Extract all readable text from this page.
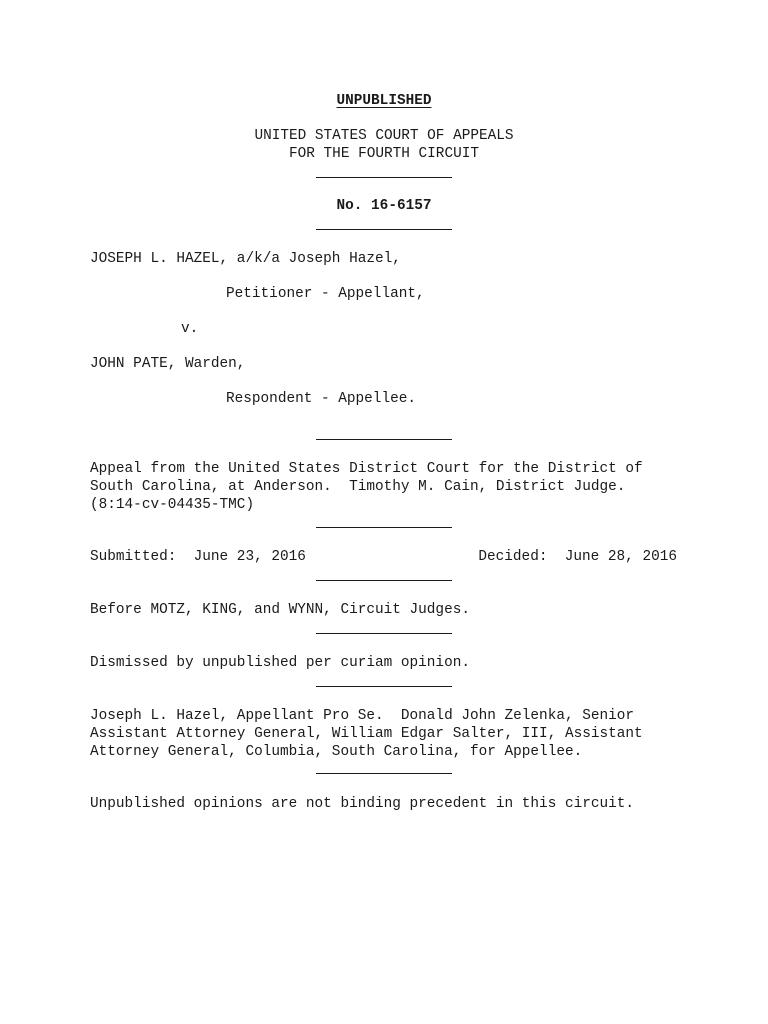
UNPUBLISHED
UNITED STATES COURT OF APPEALS
FOR THE FOURTH CIRCUIT
No. 16-6157
JOSEPH L. HAZEL, a/k/a Joseph Hazel,
Petitioner - Appellant,
v.
JOHN PATE, Warden,
Respondent - Appellee.
Appeal from the United States District Court for the District of
South Carolina, at Anderson.  Timothy M. Cain, District Judge.
(8:14-cv-04435-TMC)
Submitted:  June 23, 2016	Decided:  June 28, 2016
Before MOTZ, KING, and WYNN, Circuit Judges.
Dismissed by unpublished per curiam opinion.
Joseph L. Hazel, Appellant Pro Se.  Donald John Zelenka, Senior
Assistant Attorney General, William Edgar Salter, III, Assistant
Attorney General, Columbia, South Carolina, for Appellee.
Unpublished opinions are not binding precedent in this circuit.
